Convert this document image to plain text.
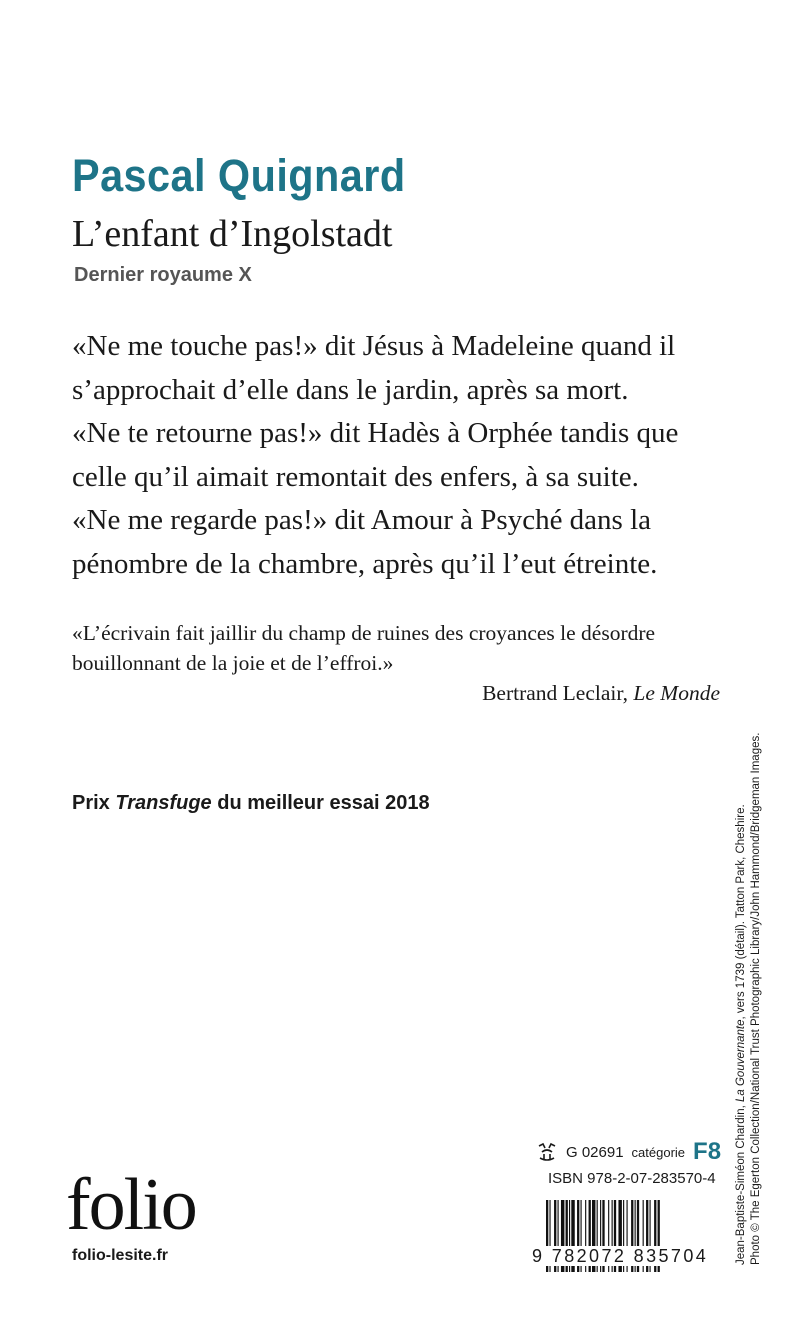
Pascal Quignard
L’enfant d’Ingolstadt
Dernier royaume X
«Ne me touche pas!» dit Jésus à Madeleine quand il
s’approchait d’elle dans le jardin, après sa mort.
«Ne te retourne pas!» dit Hadès à Orphée tandis que
celle qu’il aimait remontait des enfers, à sa suite.
«Ne me regarde pas!» dit Amour à Psyché dans la
pénombre de la chambre, après qu’il l’eut étreinte.
«L’écrivain fait jaillir du champ de ruines des croyances le désordre
bouillonnant de la joie et de l’effroi.»
Bertrand Leclair, Le Monde
Prix Transfuge du meilleur essai 2018
Jean-Baptiste-Siméon Chardin, La Gouvernante, vers 1739 (détail). Tatton Park, Cheshire. Photo © The Egerton Collection/National Trust Photographic Library/John Hammond/Bridgeman Images.
folio
folio-lesite.fr
G 02691 catégorie F8
ISBN 978-2-07-283570-4
9 782072 835704
